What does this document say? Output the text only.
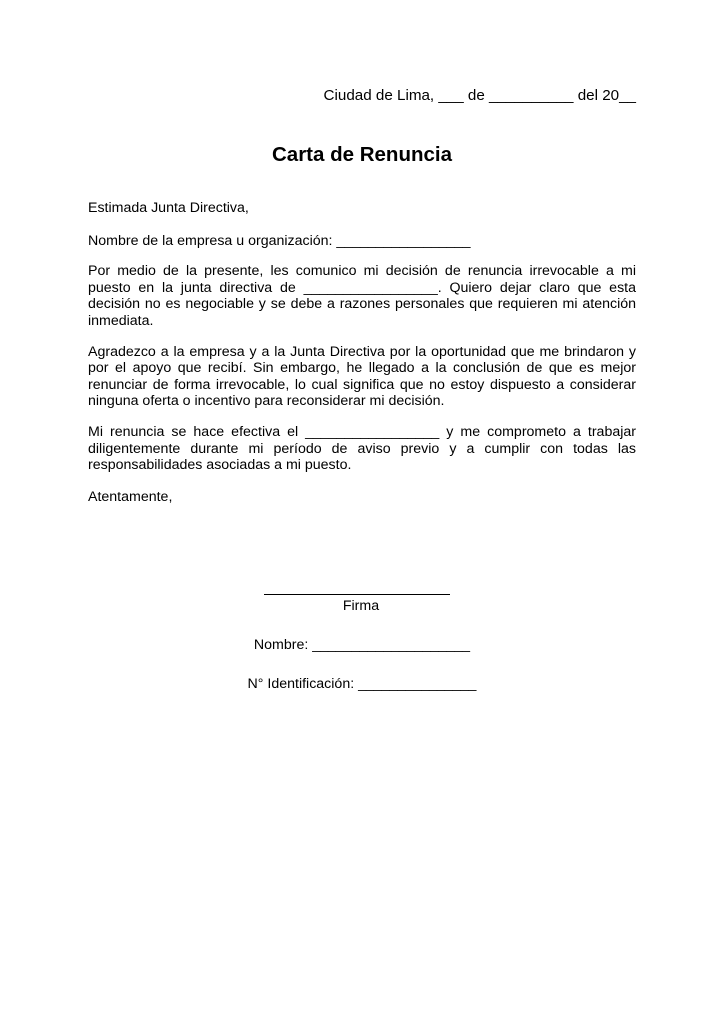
Ciudad de Lima, ___ de __________ del 20__

Carta de Renuncia

Estimada Junta Directiva,

Nombre de la empresa u organización: _________________

Por medio de la presente, les comunico mi decisión de renuncia irrevocable a mi puesto en la junta directiva de _________________. Quiero dejar claro que esta decisión no es negociable y se debe a razones personales que requieren mi atención inmediata.

Agradezco a la empresa y a la Junta Directiva por la oportunidad que me brindaron y por el apoyo que recibí. Sin embargo, he llegado a la conclusión de que es mejor renunciar de forma irrevocable, lo cual significa que no estoy dispuesto a considerar ninguna oferta o incentivo para reconsiderar mi decisión.

Mi renuncia se hace efectiva el _________________ y me comprometo a trabajar diligentemente durante mi período de aviso previo y a cumplir con todas las responsabilidades asociadas a mi puesto.

Atentamente,

Firma

Nombre: ____________________

N° Identificación: _______________
